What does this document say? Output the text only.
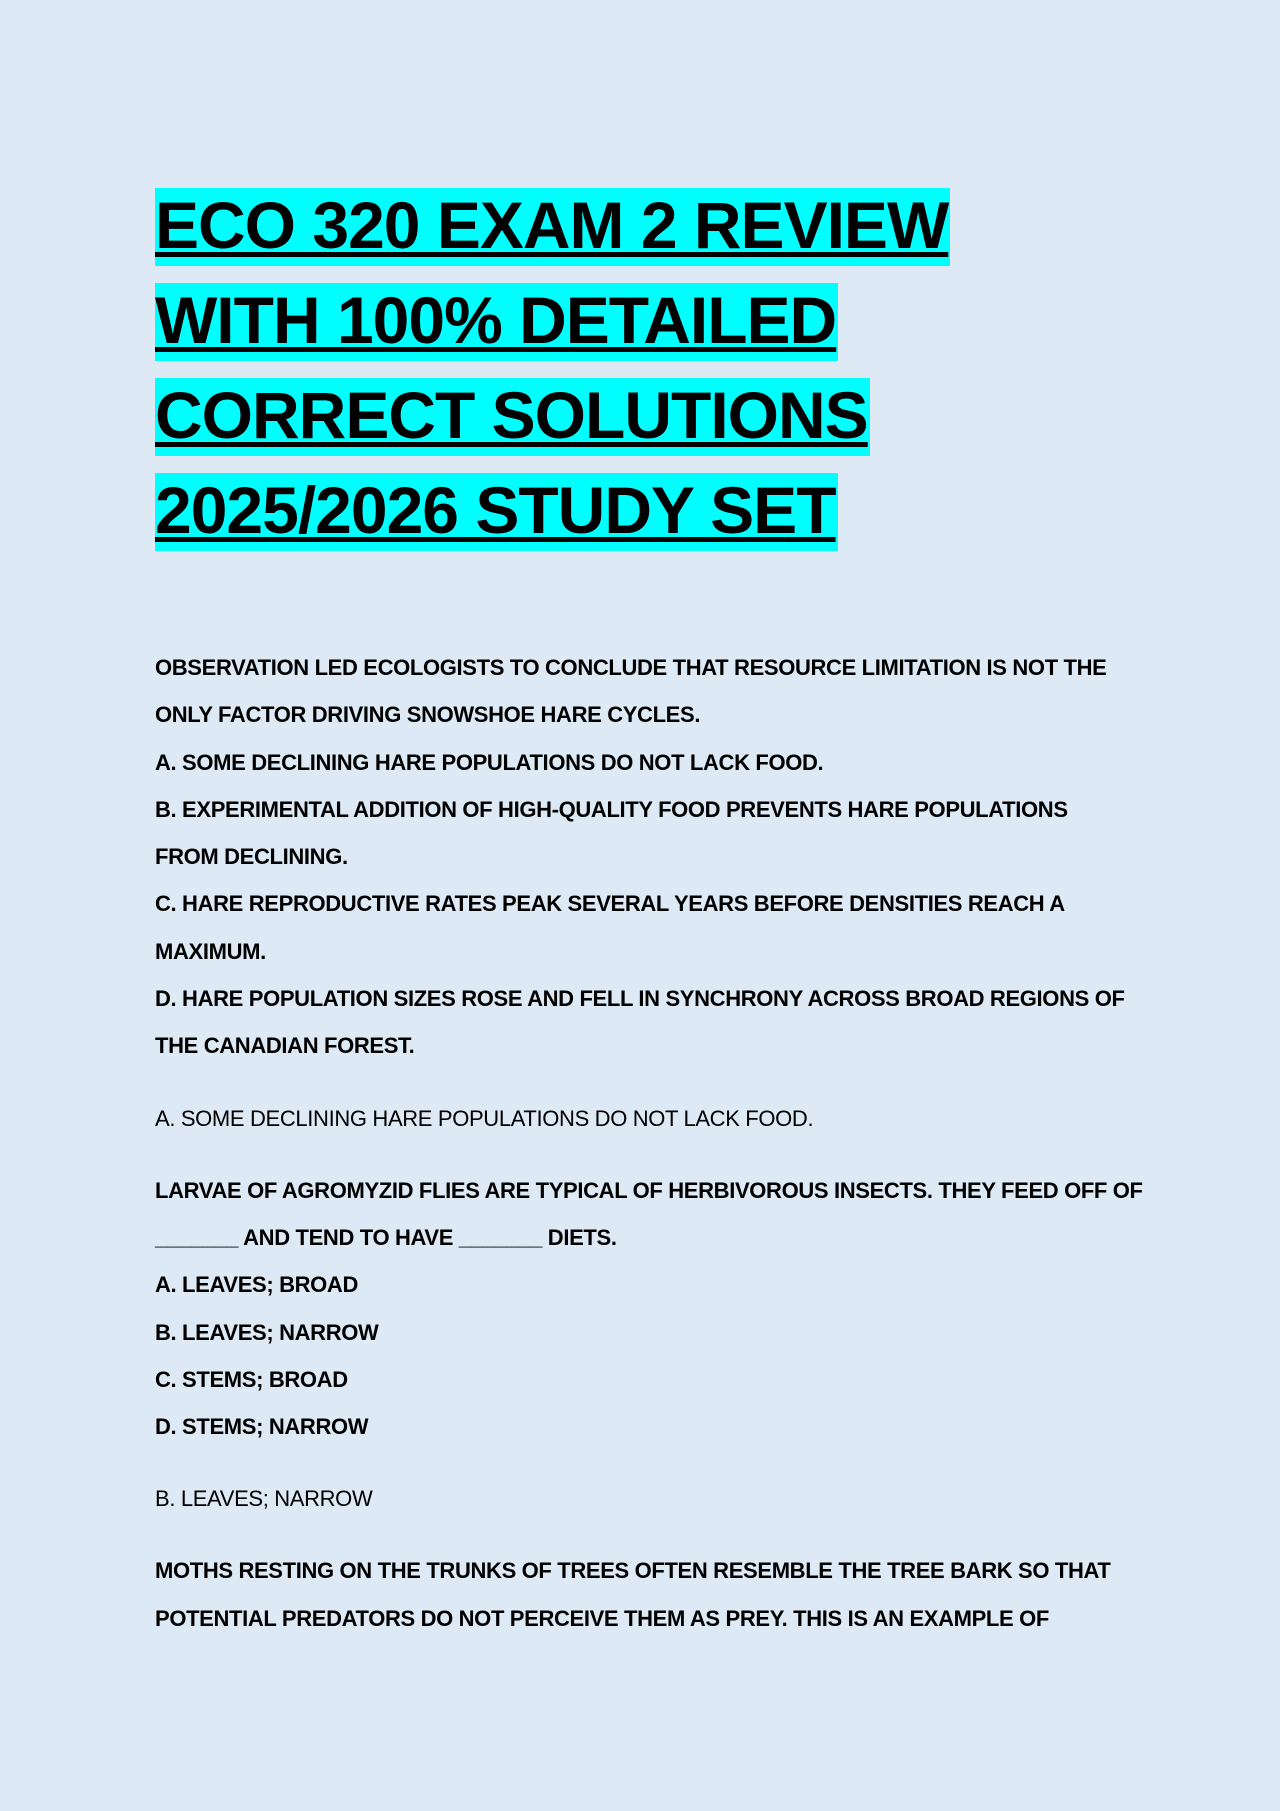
ECO 320 EXAM 2 REVIEW
WITH 100% DETAILED
CORRECT SOLUTIONS
2025/2026 STUDY SET
OBSERVATION LED ECOLOGISTS TO CONCLUDE THAT RESOURCE LIMITATION IS NOT THE
ONLY FACTOR DRIVING SNOWSHOE HARE CYCLES.
A. SOME DECLINING HARE POPULATIONS DO NOT LACK FOOD.
B. EXPERIMENTAL ADDITION OF HIGH-QUALITY FOOD PREVENTS HARE POPULATIONS
FROM DECLINING.
C. HARE REPRODUCTIVE RATES PEAK SEVERAL YEARS BEFORE DENSITIES REACH A
MAXIMUM.
D. HARE POPULATION SIZES ROSE AND FELL IN SYNCHRONY ACROSS BROAD REGIONS OF
THE CANADIAN FOREST.
A. SOME DECLINING HARE POPULATIONS DO NOT LACK FOOD.
LARVAE OF AGROMYZID FLIES ARE TYPICAL OF HERBIVOROUS INSECTS. THEY FEED OFF OF
_______ AND TEND TO HAVE _______ DIETS.
A. LEAVES; BROAD
B. LEAVES; NARROW
C. STEMS; BROAD
D. STEMS; NARROW
B. LEAVES; NARROW
MOTHS RESTING ON THE TRUNKS OF TREES OFTEN RESEMBLE THE TREE BARK SO THAT
POTENTIAL PREDATORS DO NOT PERCEIVE THEM AS PREY. THIS IS AN EXAMPLE OF
